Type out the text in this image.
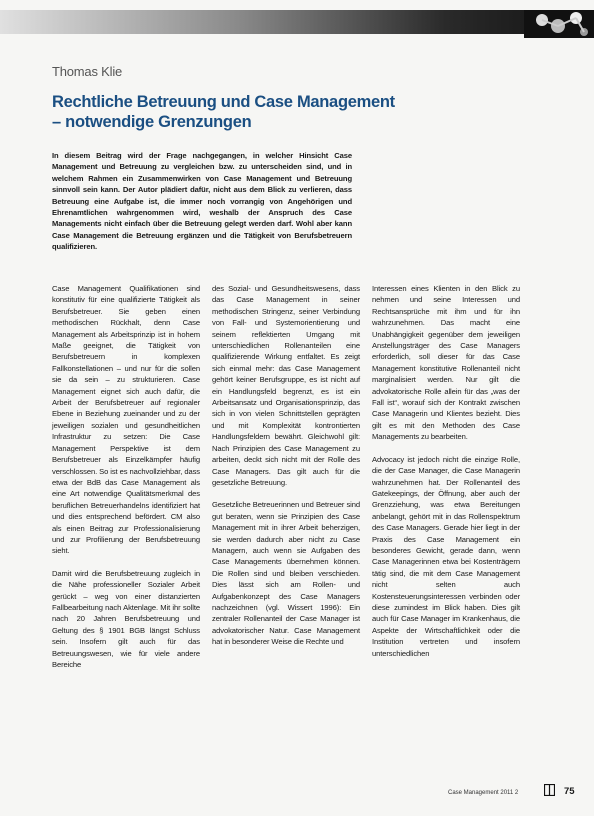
Thomas Klie
Rechtliche Betreuung und Case Management
– notwendige Grenzungen
In diesem Beitrag wird der Frage nachgegangen, in welcher Hinsicht Case Management und Betreuung zu vergleichen bzw. zu unterscheiden sind, und in welchem Rahmen ein Zusammenwirken von Case Management und Betreuung sinnvoll sein kann. Der Autor plädiert dafür, nicht aus dem Blick zu verlieren, dass Betreuung eine Aufgabe ist, die immer noch vorrangig von Angehörigen und Ehrenamtlichen wahrgenommen wird, weshalb der Anspruch des Case Managements nicht einfach über die Betreuung gelegt werden darf. Wohl aber kann Case Management die Betreuung ergänzen und die Tätigkeit von Berufsbetreuern qualifizieren.

Case Management Qualifikationen sind konstitutiv für eine qualifizierte Tätigkeit als Berufsbetreuer. Sie geben einen methodischen Rückhalt, denn Case Management als Arbeitsprinzip ist in hohem Maße geeignet, die Tätigkeit von Berufsbetreuern in komplexen Fallkonstellationen – und nur für die sollen sie da sein – zu strukturieren. Case Management eignet sich auch dafür, die Arbeit der Berufsbetreuer auf regionaler Ebene in Beziehung zueinander und zu der jeweiligen sozialen und gesundheitlichen Infrastruktur zu setzen: Die Case Management Perspektive ist dem Berufsbetreuer als Einzelkämpfer häufig verschlossen. So ist es nachvollziehbar, dass etwa der BdB das Case Management als eine Art notwendige Qualitätsmerkmal des beruflichen Betreuerhandelns identifiziert hat und dies entsprechend befördert. CM also als einen Beitrag zur Professionalisierung und zur Profilierung der Berufsbetreuung sieht.

Damit wird die Berufsbetreuung zugleich in die Nähe professioneller Sozialer Arbeit gerückt – weg von einer distanzierten Fallbearbeitung nach Aktenlage. Mit ihr sollte nach 20 Jahren Berufsbetreuung und Geltung des § 1901 BGB längst Schluss sein. Insofern gilt auch für das Betreuungswesen, wie für viele andere Bereiche

des Sozial- und Gesundheitswesens, dass das Case Management in seiner methodischen Stringenz, seiner Verbindung von Fall- und Systemorientierung und seinem reflektierten Umgang mit unterschiedlichen Rollenanteilen eine qualifizierende Wirkung entfaltet. Es zeigt sich einmal mehr: das Case Management gehört keiner Berufsgruppe, es ist nicht auf ein Handlungsfeld begrenzt, es ist ein Arbeitsansatz und Organisationsprinzip, das sich in von vielen Schnittstellen geprägten und mit Komplexität kontrontierten Handlungsfeldern bewährt. Gleichwohl gilt: Nach Prinzipien des Case Management zu arbeiten, deckt sich nicht mit der Rolle des Case Managers. Das gilt auch für die gesetzliche Betreuung.

Gesetzliche Betreuerinnen und Betreuer sind gut beraten, wenn sie Prinzipien des Case Management mit in ihrer Arbeit beherzigen, sie werden dadurch aber nicht zu Case Managern, auch wenn sie Aufgaben des Case Managements übernehmen können. Die Rollen sind und bleiben verschieden. Dies lässt sich am Rollen- und Aufgabenkonzept des Case Managers nachzeichnen (vgl. Wissert 1996): Ein zentraler Rollenanteil der Case Manager ist advokatorischer Natur. Case Management hat in besonderer Weise die Rechte und

Interessen eines Klienten in den Blick zu nehmen und seine Interessen und Rechtsansprüche mit ihm und für ihn wahrzunehmen. Das macht eine Unabhängigkeit gegenüber dem jeweiligen Anstellungsträger des Case Managers erforderlich, soll dieser für das Case Management konstitutive Rollenanteil nicht marginalisiert werden. Nur gilt die advokatorische Rolle allein für das „was der Fall ist“, worauf sich der Kontrakt zwischen Case Managerin und Klientes bezieht. Dies gilt es mit den Methoden des Case Managements zu bearbeiten.

Advocacy ist jedoch nicht die einzige Rolle, die der Case Manager, die Case Managerin wahrzunehmen hat. Der Rollenanteil des Gatekeepings, der Öffnung, aber auch der Grenzziehung, was etwa Bereitungen anbelangt, gehört mit in das Rollenspektrum des Case Managers. Gerade hier liegt in der Praxis des Case Management ein besonderes Gewicht, gerade dann, wenn Case Managerinnen etwa bei Kostenträgern tätig sind, die mit dem Case Management nicht selten auch Kostensteuerungsinteressen verbinden oder diese zumindest im Blick haben. Dies gilt auch für Case Manager im Krankenhaus, die Aspekte der Wirtschaftlichkeit oder die Institution vertreten und insofern unterschiedlichen

Case Management 2011 2	75
